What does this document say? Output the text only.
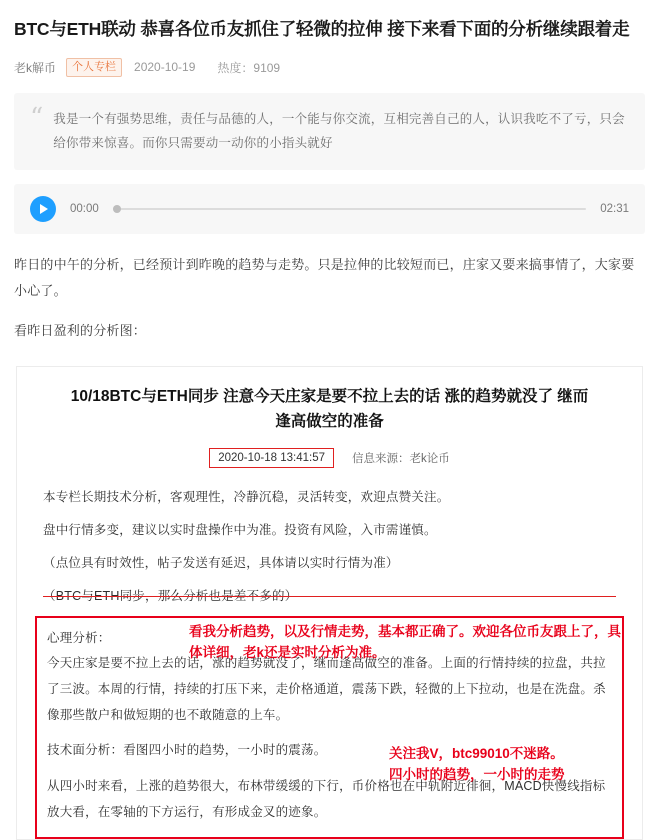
BTC与ETH联动 恭喜各位币友抓住了轻微的拉伸 接下来看下面的分析继续跟着走
老k解币	个人专栏	2020-10-19 热度：9109
“ 我是一个有强势思维，责任与品德的人，一个能与你交流，互相完善自己的人，认识我吃不了亏，只会给你带来惊喜。而你只需要动一动你的小指头就好
00:00	02:31

昨日的中午的分析，已经预计到昨晚的趋势与走势。只是拉伸的比较短而已，庄家又要来搞事情了，大家要小心了。

看昨日盈利的分析图：

10/18BTC与ETH同步 注意今天庄家是要不拉上去的话 涨的趋势就没了 继而逢高做空的准备
2020-10-18 13:41:57	信息来源：老k论币

本专栏长期技术分析，客观理性，冷静沉稳，灵活转变，欢迎点赞关注。

盘中行情多变，建议以实时盘操作中为准。投资有风险，入市需谨慎。

（点位具有时效性，帖子发送有延迟，具体请以实时行情为准）

（BTC与ETH同步，那么分析也是差不多的）

看我分析趋势，以及行情走势，基本都正确了。欢迎各位币友跟上了，具体详细，老k还是实时分析为准。
关注我V，btc99010不迷路。
四小时的趋势，一小时的走势

心理分析：

今天庄家是要不拉上去的话，涨的趋势就没了，继而逢高做空的准备。上面的行情持续的拉盘，共拉了三波。本周的行情，持续的打压下来，走价格通道，震荡下跌，轻微的上下拉动，也是在洗盘。杀像那些散户和做短期的也不敢随意的上车。

技术面分析：看图四小时的趋势，一小时的震荡。

从四小时来看，上涨的趋势很大，布林带缓缓的下行，币价格也在中轨附近徘徊，MACD快慢线指标放大看，在零轴的下方运行，有形成金叉的迹象。
